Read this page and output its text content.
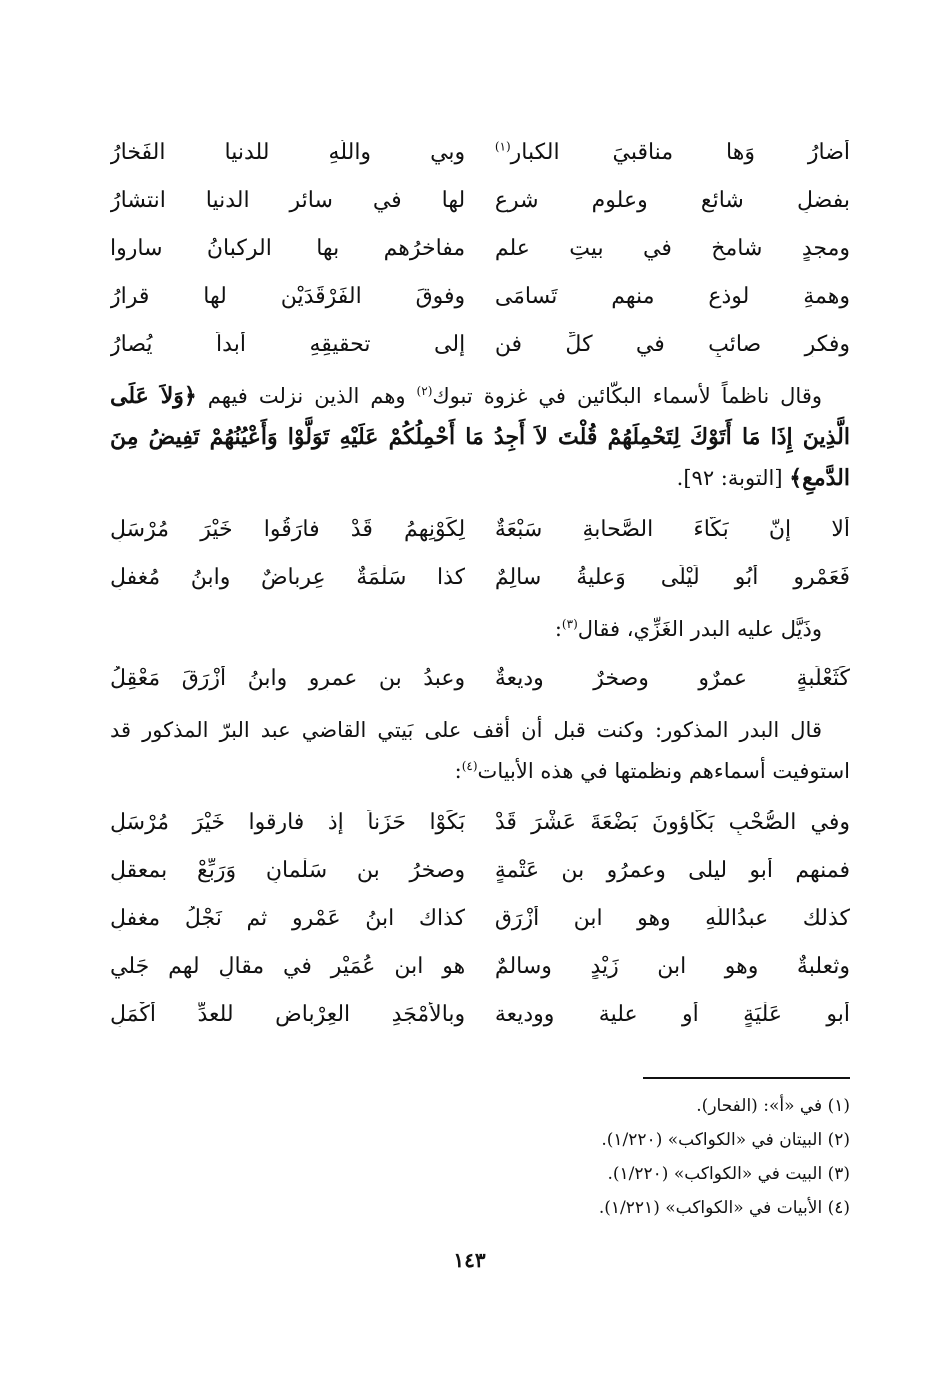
أُضارُ وَها مناقبيَ الكبار$^{(١)}$
وبي واللّهِ للدنيا الفَخارُ
بفضلٍ شائعٍ وعلومِ شرعٍ
لها في سائرِ الدنيا انتشارُ
ومجدٍ شامخٍ في بيتِ علمٍ
مفاخرُهم بها الركبانُ ساروا
وهمةِ لوذعٍ منهم تَسامَى
وفوقَ الفَرْقَدَيْن لها قرارُ
وفكرٍ صائبٍ في كلِّ فنٍ
إلى تحقيقِهِ أبداً يُصارُ

وقال ناظماً لأسماء البكّائين في غزوة تبوك$^{(٢)}$ وهم الذين نزلت فيهم ﴿وَلاَ عَلَى الَّذِينَ إِذَا مَا أَتَوْكَ لِتَحْمِلَهُمْ قُلْتَ لاَ أَجِدُ مَا أَحْمِلُكُمْ عَلَيْهِ تَوَلَّوْا وَأَعْيُنُهُمْ تَفِيضُ مِنَ الدَّمعِ﴾ [التوبة: ٩٢].

ألا إنّ بَكّاءَ الصَّحابةِ سَبْعَةٌ
لِكَوْنِهِمُ قَدْ فارَقُوا خَيْرَ مُرْسَلِ
فَعَمْرو أَبُو لَيْلَى وَعليةُ سالِمٌ
كذا سَلْمَةٌ عِرباضٌ وابنُ مُغفلِ
وذَيَّل عليه البدر الغَزِّي، فقال$^{(٣)}$:
كَثَعْلَبةٍ عمرٌو وصخرٌ وديعةٌ
وعبدُ بن عمرٍو وابنُ أزْرَقَ مَعْقِلُ

قال البدر المذكور: وكنت قبل أن أقف على بَيتي القاضي عبد البرّ المذكور قد استوفيت أسماءهم ونظمتها في هذه الأبيات$^{(٤)}$:

وفي الصُّحْبِ بَكّاؤونَ بَضْعَةَ عَشْرَ قَدْ
بَكَوْا حَزَناً إذ فارقوا خَيْرَ مُرْسَلِ
فمنهم أبو ليلى وعمرُو بن عَتْمةٍ
وصخرُ بن سَلْمانٍ وَرَبِّعْ بمعقلِ
كذلك عبدُاللّهِ وهو ابن أزْرَقٍ
كذاك ابنُ عَمْرو ثم نَجْلُ مغفلِ
وثعلبةٌ وهو ابن زَيْدٍ وسالمٌ
هو ابن عُمَيْرٍ في مقالٍ لهم جَلي
أبو عَلْيَةٍ أو علية ووديعة
وبالأمْجَدِ العِرْباضِ للعدِّ أكْمَلِ
(١) في «أ»: (الفحار).
(٢) البيتان في «الكواكب» (١/٢٢٠).
(٣) البيت في «الكواكب» (١/٢٢٠).
(٤) الأبيات في «الكواكب» (١/٢٢١).
١٤٣
